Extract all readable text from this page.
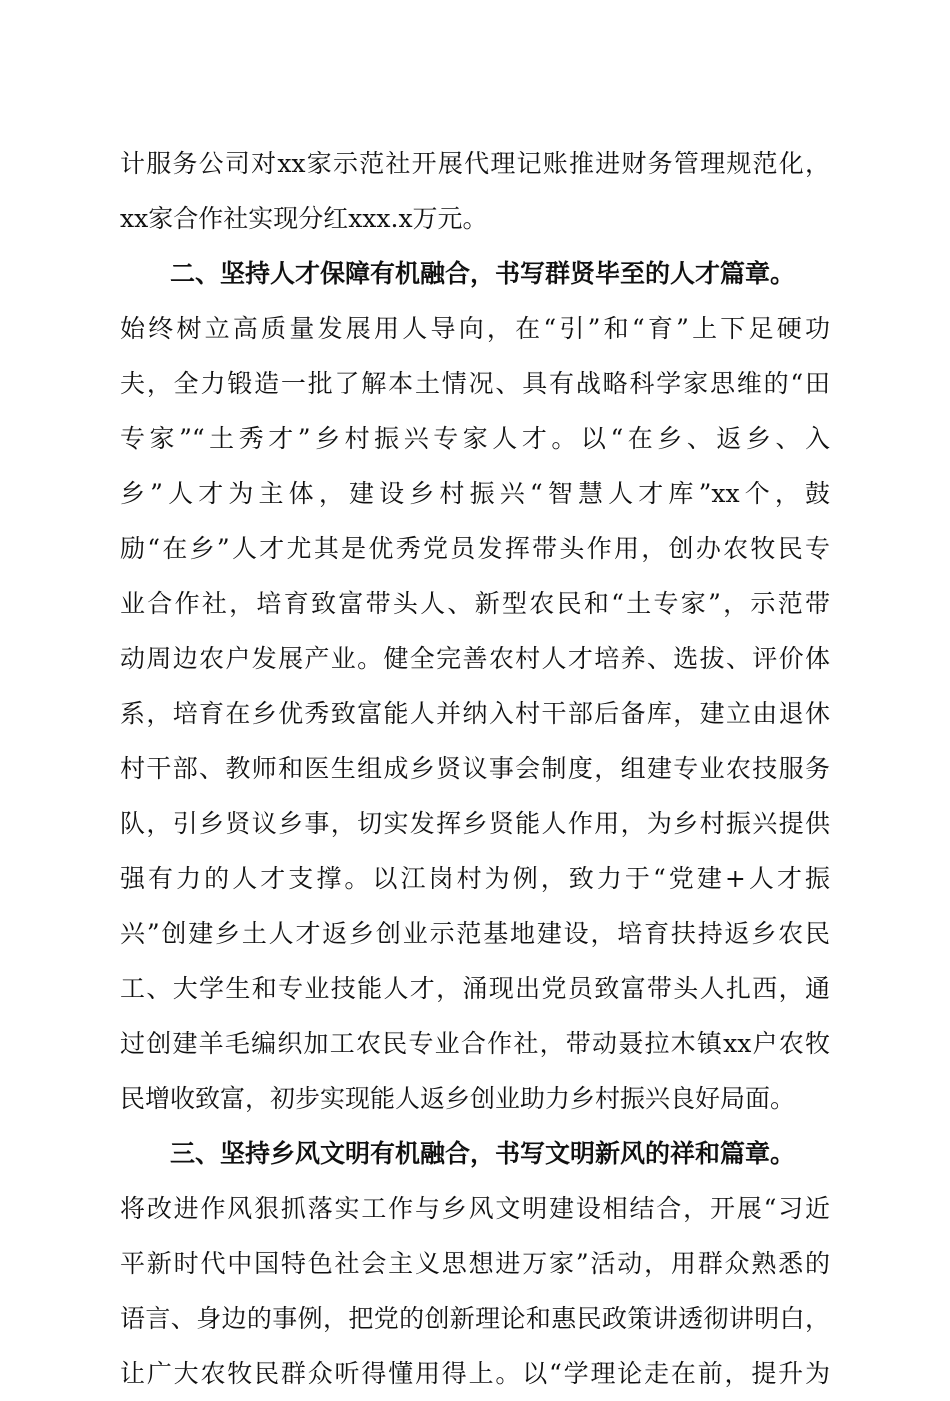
计服务公司对xx家示范社开展代理记账推进财务管理规范化，
xx家合作社实现分红xxx.x万元。
二、坚持人才保障有机融合，书写群贤毕至的人才篇章。
始终树立高质量发展用人导向，在“引”和“育”上下足硬功
夫，全力锻造一批了解本土情况、具有战略科学家思维的“田
专家”“土秀才”乡村振兴专家人才。以“在乡、返乡、入
乡”人才为主体，建设乡村振兴“智慧人才库”xx个，鼓
励“在乡”人才尤其是优秀党员发挥带头作用，创办农牧民专
业合作社，培育致富带头人、新型农民和“土专家”，示范带
动周边农户发展产业。健全完善农村人才培养、选拔、评价体
系，培育在乡优秀致富能人并纳入村干部后备库，建立由退休
村干部、教师和医生组成乡贤议事会制度，组建专业农技服务
队，引乡贤议乡事，切实发挥乡贤能人作用，为乡村振兴提供
强有力的人才支撑。以江岗村为例，致力于“党建+人才振
兴”创建乡土人才返乡创业示范基地建设，培育扶持返乡农民
工、大学生和专业技能人才，涌现出党员致富带头人扎西，通
过创建羊毛编织加工农民专业合作社，带动聂拉木镇xx户农牧
民增收致富，初步实现能人返乡创业助力乡村振兴良好局面。
三、坚持乡风文明有机融合，书写文明新风的祥和篇章。
将改进作风狠抓落实工作与乡风文明建设相结合，开展“习近
平新时代中国特色社会主义思想进万家”活动，用群众熟悉的
语言、身边的事例，把党的创新理论和惠民政策讲透彻讲明白，
让广大农牧民群众听得懂用得上。以“学理论走在前，提升为
